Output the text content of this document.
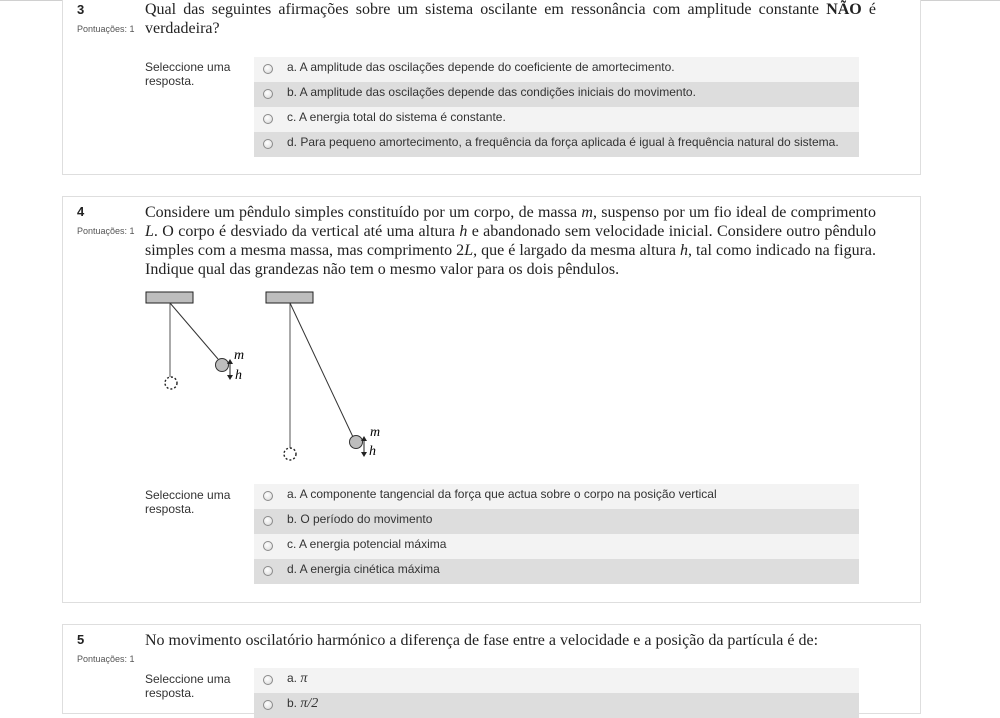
3
Pontuações: 1
Qual das seguintes afirmações sobre um sistema oscilante em ressonância com amplitude constante NÃO é verdadeira?
Seleccione uma resposta.
a. A amplitude das oscilações depende do coeficiente de amortecimento.
b. A amplitude das oscilações depende das condições iniciais do movimento.
c. A energia total do sistema é constante.
d. Para pequeno amortecimento, a frequência da força aplicada é igual à frequência natural do sistema.
4
Pontuações: 1
Considere um pêndulo simples constituído por um corpo, de massa m, suspenso por um fio ideal de comprimento L. O corpo é desviado da vertical até uma altura h e abandonado sem velocidade inicial. Considere outro pêndulo simples com a mesma massa, mas comprimento 2L, que é largado da mesma altura h, tal como indicado na figura. Indique qual das grandezas não tem o mesmo valor para os dois pêndulos.
m
h
m
h
Seleccione uma resposta.
a. A componente tangencial da força que actua sobre o corpo na posição vertical
b. O período do movimento
c. A energia potencial máxima
d. A energia cinética máxima
5
Pontuações: 1
No movimento oscilatório harmónico a diferença de fase entre a velocidade e a posição da partícula é de:
Seleccione uma resposta.
a. π
b. π/2
